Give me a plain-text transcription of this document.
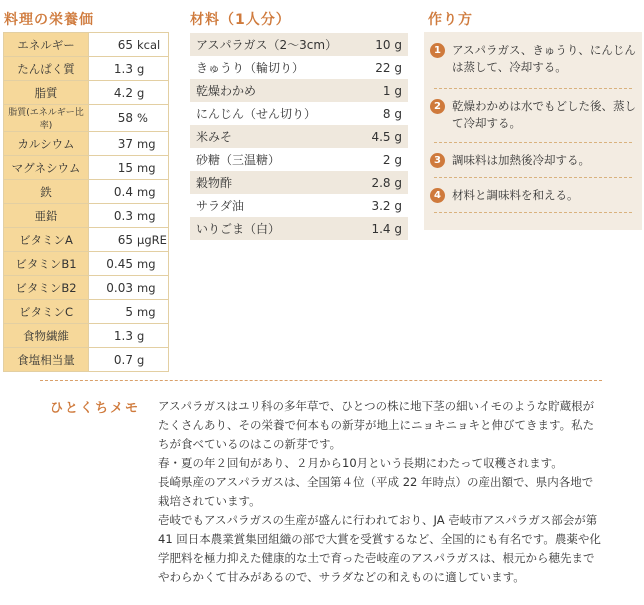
料理の栄養価
エネルギー	65	kcal
たんぱく質	1.3	g
脂質	4.2	g
脂質(エネルギー比率)	58	%
カルシウム	37	mg
マグネシウム	15	mg
鉄	0.4	mg
亜鉛	0.3	mg
ビタミンA	65	μgRE
ビタミンB1	0.45	mg
ビタミンB2	0.03	mg
ビタミンC	5	mg
食物繊維	1.3	g
食塩相当量	0.7	g
材料（1人分）
アスパラガス（2～3cm）	10 g
きゅうり（輪切り）	22 g
乾燥わかめ	1 g
にんじん（せん切り）	8 g
米みそ	4.5 g
砂糖（三温糖）	2 g
穀物酢	2.8 g
サラダ油	3.2 g
いりごま（白）	1.4 g
作り方
1 アスパラガス、きゅうり、にんじんは蒸して、冷却する。
2 乾燥わかめは水でもどした後、蒸して冷却する。
3 調味料は加熱後冷却する。
4 材料と調味料を和える。
ひとくちメモ アスパラガスはユリ科の多年草で、ひとつの株に地下茎の細いイモのような貯蔵根がたくさんあり、その栄養で何本もの新芽が地上にニョキニョキと伸びてきます。私たちが食べているのはこの新芽です。

春・夏の年２回旬があり、２月から10月という長期にわたって収穫されます。

長崎県産のアスパラガスは、全国第４位（平成 22 年時点）の産出額で、県内各地で栽培されています。

壱岐でもアスパラガスの生産が盛んに行われており、JA 壱岐市アスパラガス部会が第 41 回日本農業賞集団組織の部で大賞を受賞するなど、全国的にも有名です。農薬や化学肥料を極力抑えた健康的な土で育った壱岐産のアスパラガスは、根元から穂先までやわらかくて甘みがあるので、サラダなどの和えものに適しています。
